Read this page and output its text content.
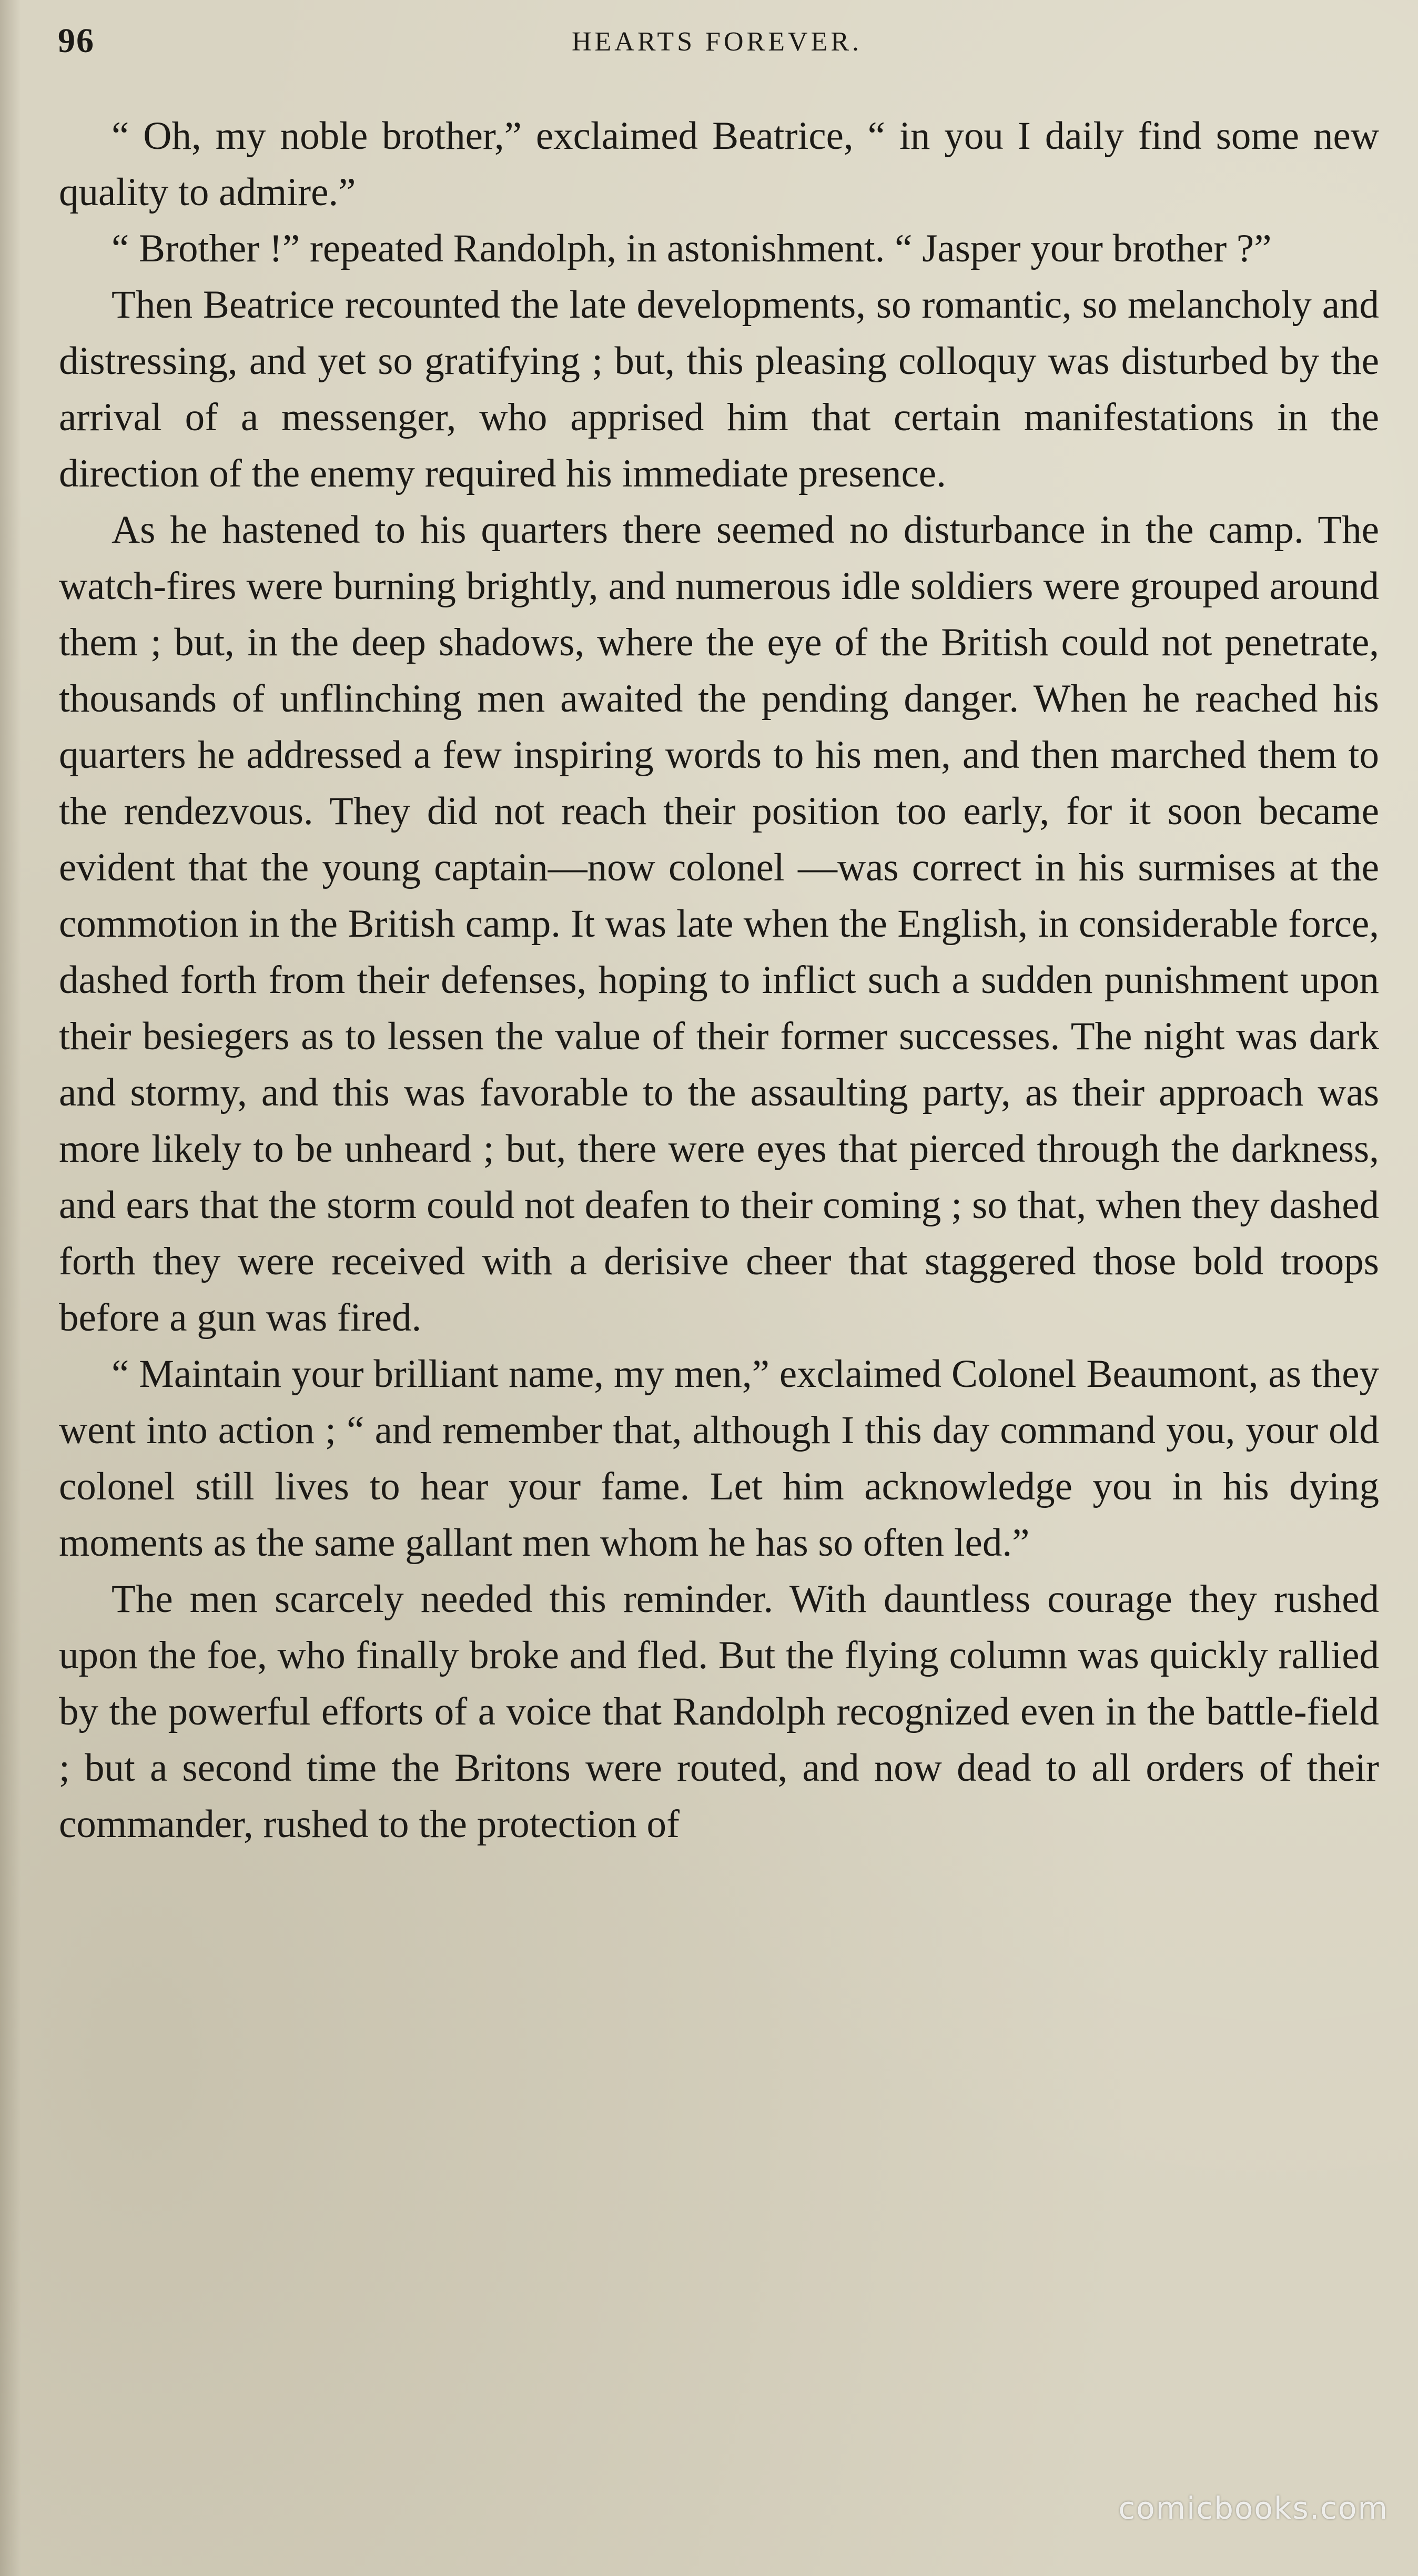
96	HEARTS FOREVER.

“ Oh, my noble brother,” exclaimed Beatrice, “ in you I daily find some new quality to admire.”

“ Brother !” repeated Randolph, in astonishment. “ Jasper your brother ?”

Then Beatrice recounted the late developments, so romantic, so melancholy and distressing, and yet so gratifying ; but, this pleasing colloquy was disturbed by the arrival of a messenger, who apprised him that certain manifestations in the direction of the enemy required his immediate presence.

As he hastened to his quarters there seemed no disturbance in the camp. The watch-fires were burning brightly, and numerous idle soldiers were grouped around them ; but, in the deep shadows, where the eye of the British could not penetrate, thousands of unflinching men awaited the pending danger. When he reached his quarters he addressed a few inspiring words to his men, and then marched them to the rendezvous. They did not reach their position too early, for it soon became evident that the young captain—now colonel —was correct in his surmises at the commotion in the British camp. It was late when the English, in considerable force, dashed forth from their defenses, hoping to inflict such a sudden punishment upon their besiegers as to lessen the value of their former successes. The night was dark and stormy, and this was favorable to the assaulting party, as their approach was more likely to be unheard ; but, there were eyes that pierced through the darkness, and ears that the storm could not deafen to their coming ; so that, when they dashed forth they were received with a derisive cheer that staggered those bold troops before a gun was fired.

“ Maintain your brilliant name, my men,” exclaimed Colonel Beaumont, as they went into action ; “ and remember that, although I this day command you, your old colonel still lives to hear your fame. Let him acknowledge you in his dying moments as the same gallant men whom he has so often led.”

The men scarcely needed this reminder. With dauntless courage they rushed upon the foe, who finally broke and fled. But the flying column was quickly rallied by the powerful efforts of a voice that Randolph recognized even in the battle-field ; but a second time the Britons were routed, and now dead to all orders of their commander, rushed to the protection of

comicbooks.com
